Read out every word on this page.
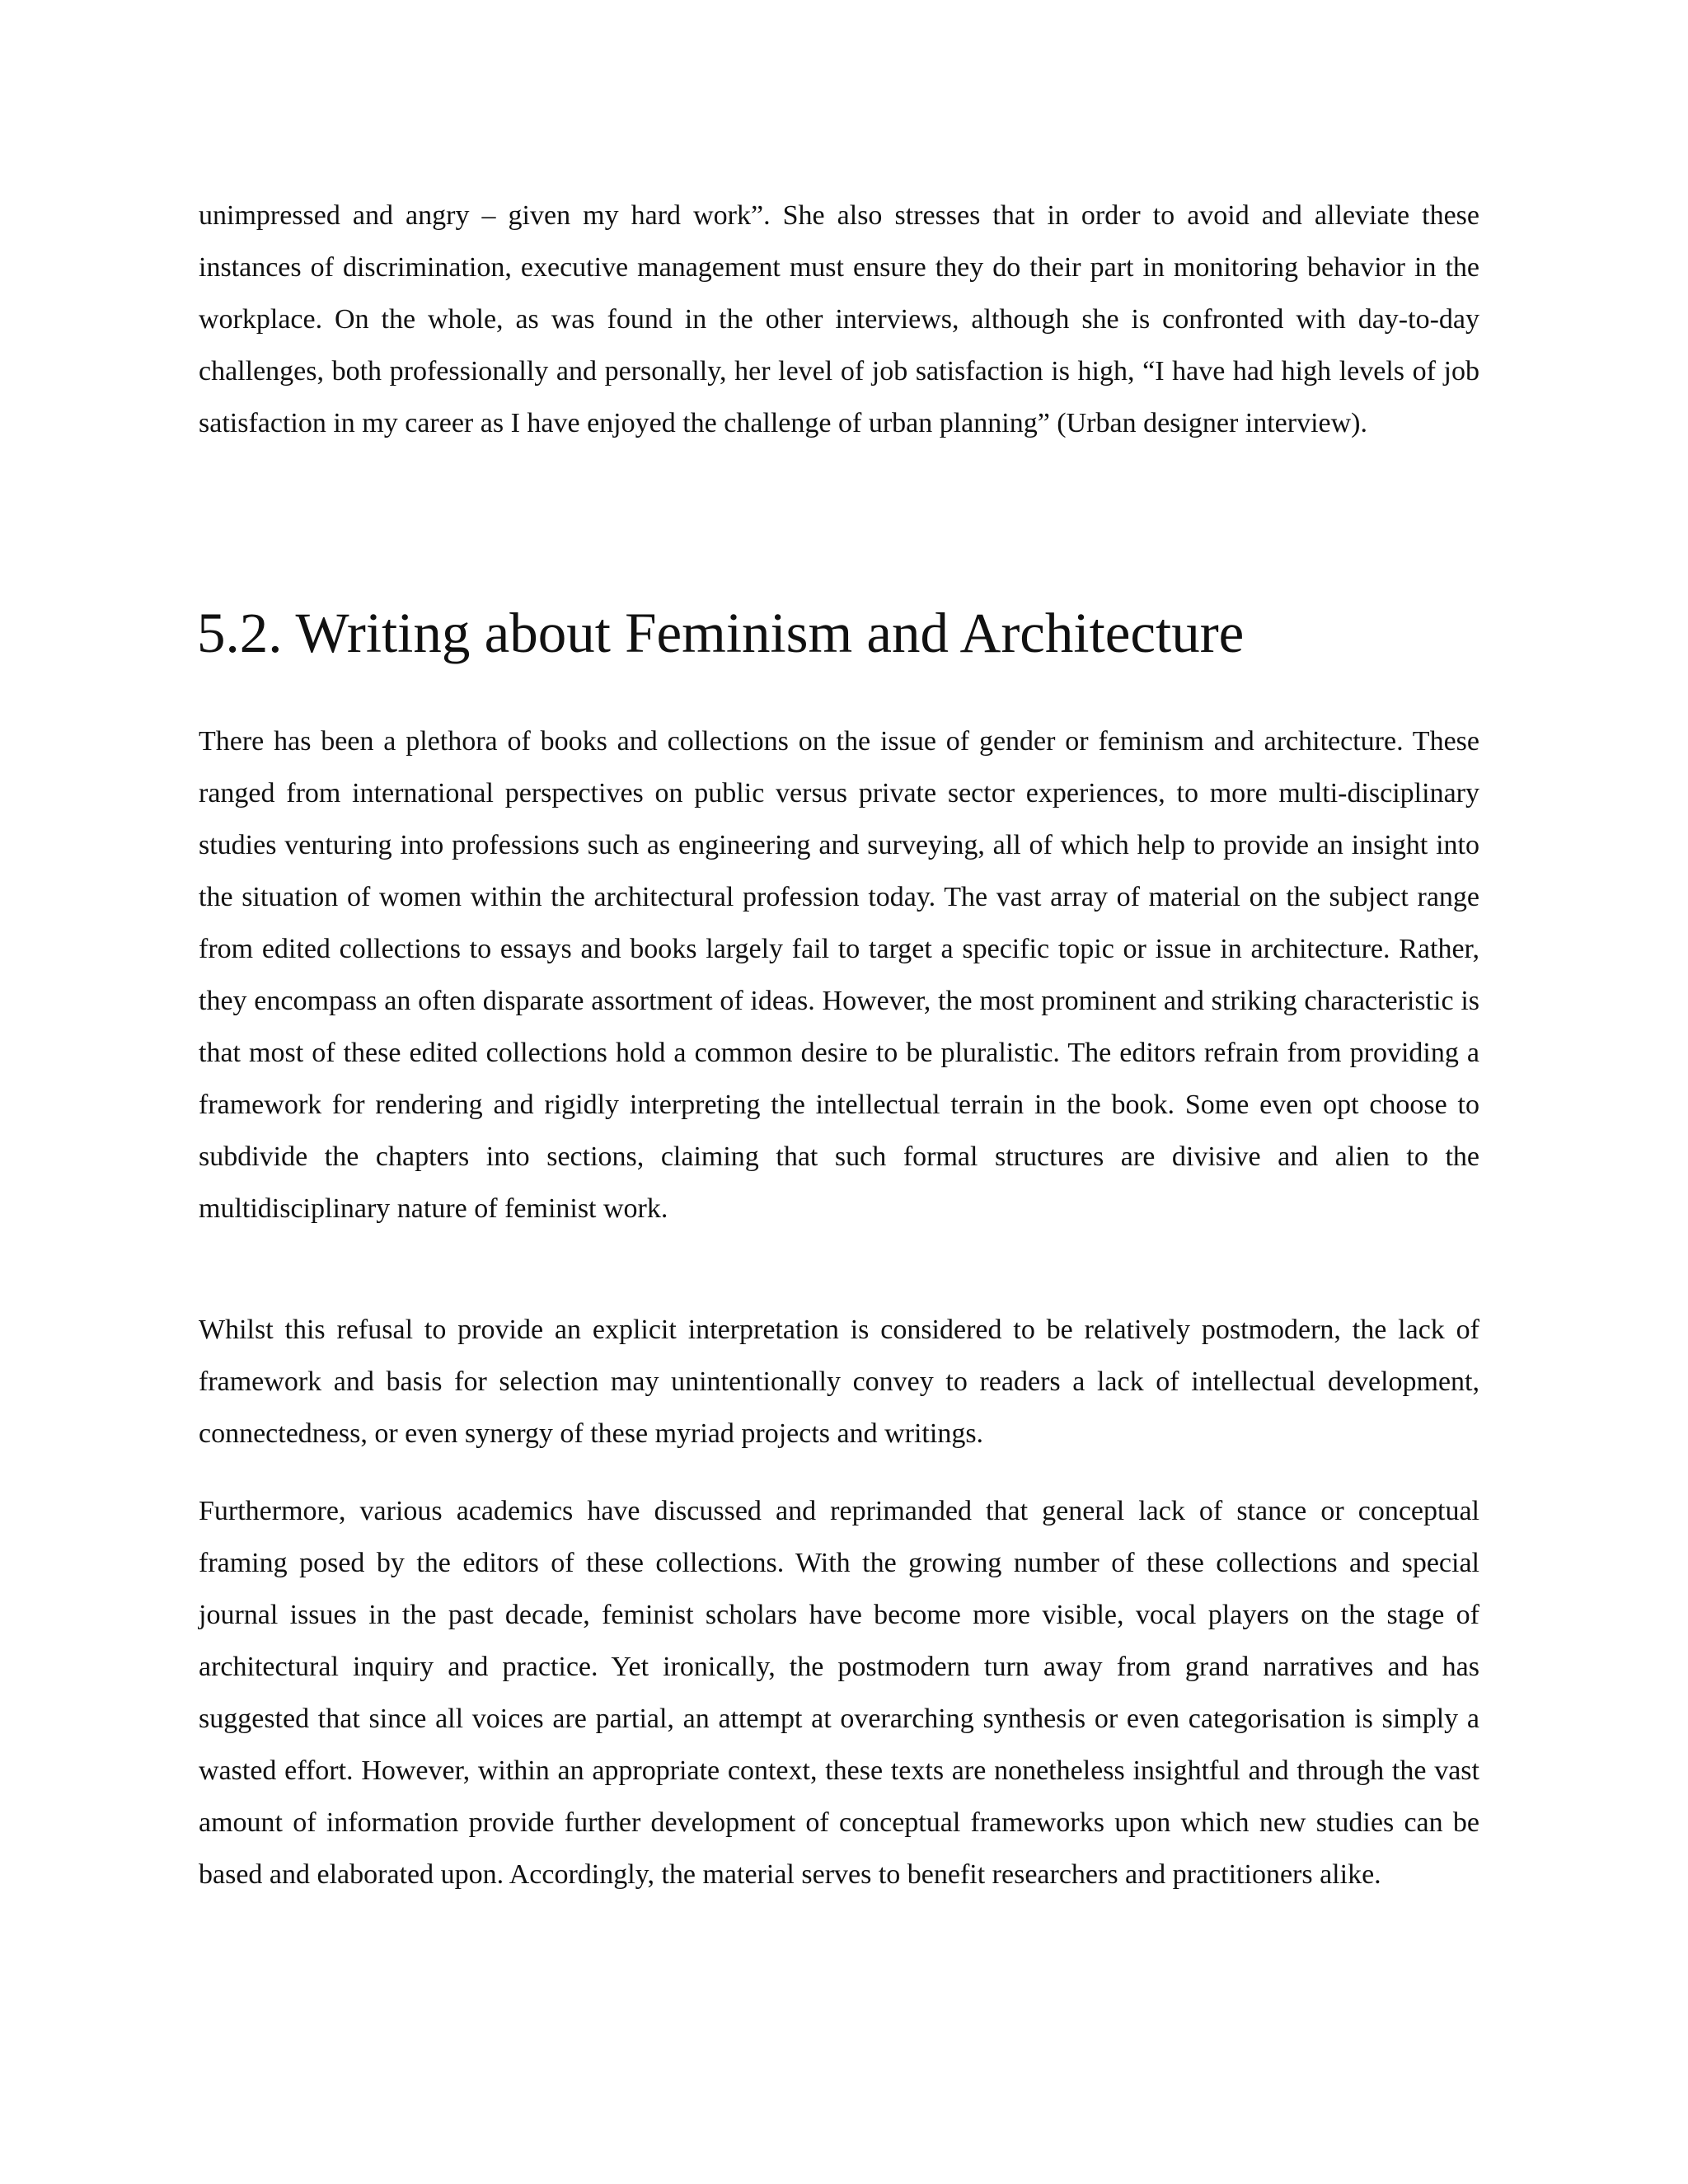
unimpressed and angry – given my hard work”. She also stresses that in order to avoid and alleviate these instances of discrimination, executive management must ensure they do their part in monitoring behavior in the workplace. On the whole, as was found in the other interviews, although she is confronted with day-to-day challenges, both professionally and personally, her level of job satisfaction is high, “I have had high levels of job satisfaction in my career as I have enjoyed the challenge of urban planning” (Urban designer interview).

5.2. Writing about Feminism and Architecture

There has been a plethora of books and collections on the issue of gender or feminism and architecture. These ranged from international perspectives on public versus private sector experiences, to more multi-disciplinary studies venturing into professions such as engineering and surveying, all of which help to provide an insight into the situation of women within the architectural profession today. The vast array of material on the subject range from edited collections to essays and books largely fail to target a specific topic or issue in architecture. Rather, they encompass an often disparate assortment of ideas. However, the most prominent and striking characteristic is that most of these edited collections hold a common desire to be pluralistic. The editors refrain from providing a framework for rendering and rigidly interpreting the intellectual terrain in the book. Some even opt choose to subdivide the chapters into sections, claiming that such formal structures are divisive and alien to the multidisciplinary nature of feminist work.

Whilst this refusal to provide an explicit interpretation is considered to be relatively postmodern, the lack of framework and basis for selection may unintentionally convey to readers a lack of intellectual development, connectedness, or even synergy of these myriad projects and writings.

Furthermore, various academics have discussed and reprimanded that general lack of stance or conceptual framing posed by the editors of these collections. With the growing number of these collections and special journal issues in the past decade, feminist scholars have become more visible, vocal players on the stage of architectural inquiry and practice. Yet ironically, the postmodern turn away from grand narratives and has suggested that since all voices are partial, an attempt at overarching synthesis or even categorisation is simply a wasted effort. However, within an appropriate context, these texts are nonetheless insightful and through the vast amount of information provide further development of conceptual frameworks upon which new studies can be based and elaborated upon. Accordingly, the material serves to benefit researchers and practitioners alike.
